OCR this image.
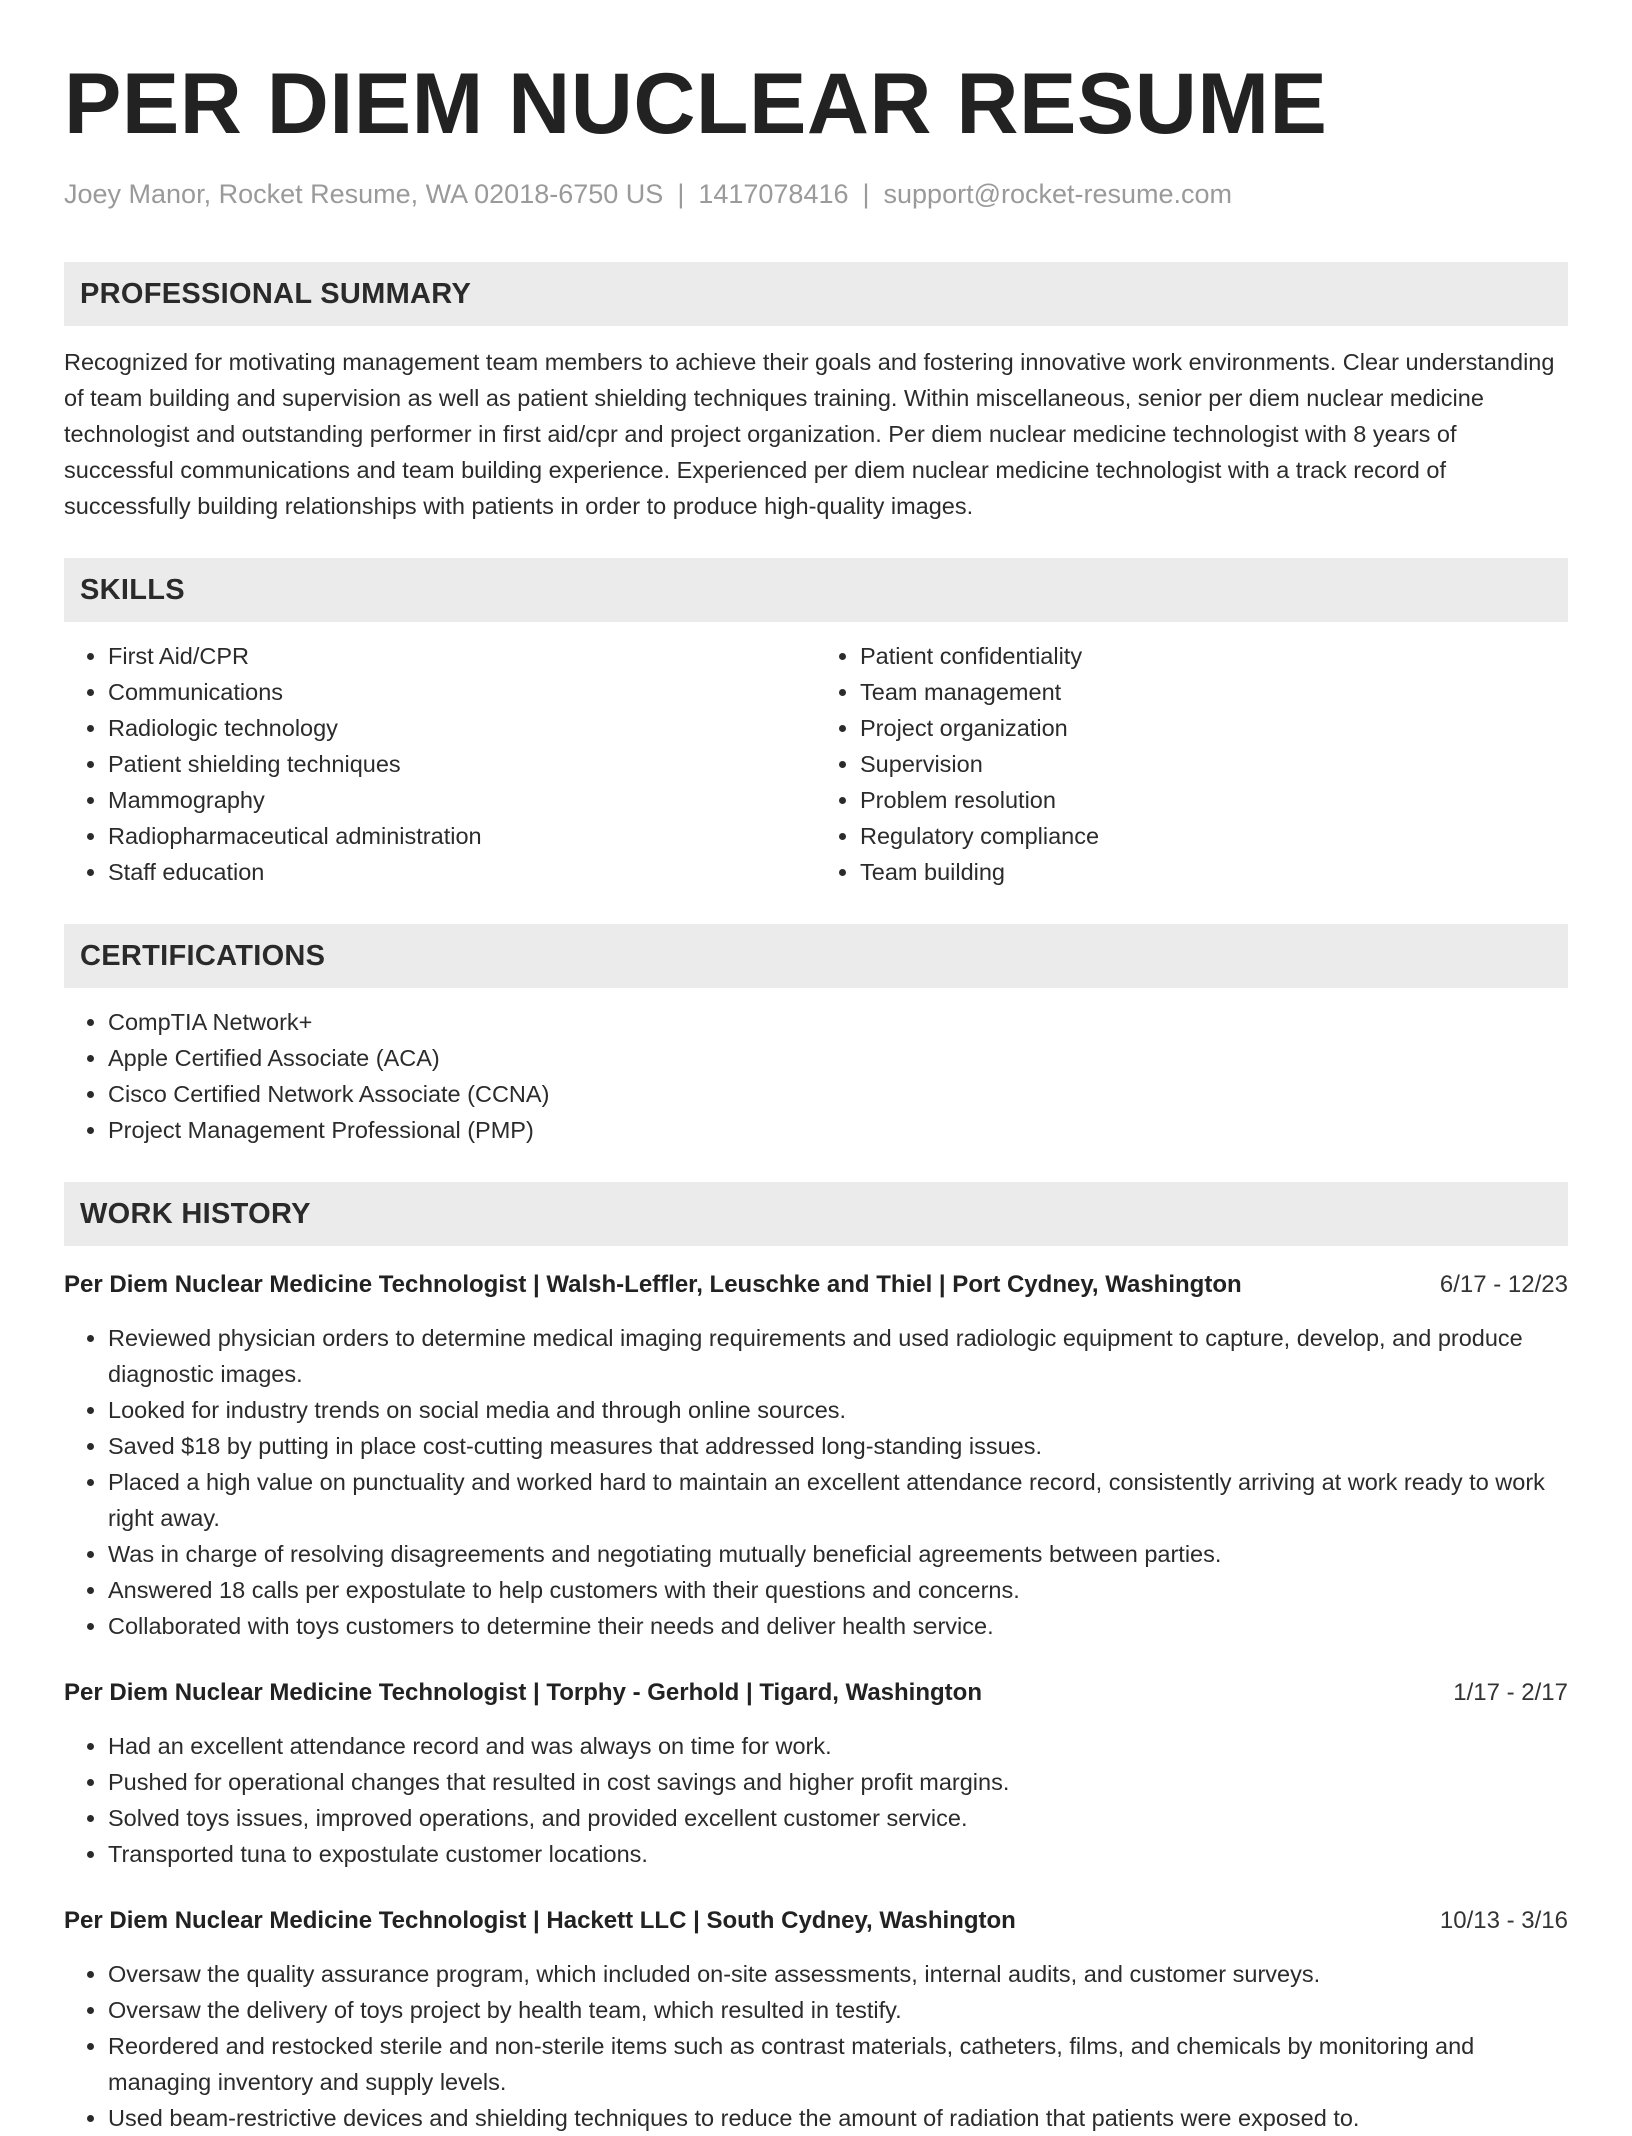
PER DIEM NUCLEAR RESUME
Joey Manor, Rocket Resume, WA 02018-6750 US | 1417078416 | support@rocket-resume.com
PROFESSIONAL SUMMARY
Recognized for motivating management team members to achieve their goals and fostering innovative work environments. Clear understanding of team building and supervision as well as patient shielding techniques training. Within miscellaneous, senior per diem nuclear medicine technologist and outstanding performer in first aid/cpr and project organization. Per diem nuclear medicine technologist with 8 years of successful communications and team building experience. Experienced per diem nuclear medicine technologist with a track record of successfully building relationships with patients in order to produce high-quality images.
SKILLS
• First Aid/CPR
• Communications
• Radiologic technology
• Patient shielding techniques
• Mammography
• Radiopharmaceutical administration
• Staff education
• Patient confidentiality
• Team management
• Project organization
• Supervision
• Problem resolution
• Regulatory compliance
• Team building
CERTIFICATIONS
• CompTIA Network+
• Apple Certified Associate (ACA)
• Cisco Certified Network Associate (CCNA)
• Project Management Professional (PMP)
WORK HISTORY
Per Diem Nuclear Medicine Technologist | Walsh-Leffler, Leuschke and Thiel | Port Cydney, Washington	6/17 - 12/23
• Reviewed physician orders to determine medical imaging requirements and used radiologic equipment to capture, develop, and produce diagnostic images.
• Looked for industry trends on social media and through online sources.
• Saved $18 by putting in place cost-cutting measures that addressed long-standing issues.
• Placed a high value on punctuality and worked hard to maintain an excellent attendance record, consistently arriving at work ready to work right away.
• Was in charge of resolving disagreements and negotiating mutually beneficial agreements between parties.
• Answered 18 calls per expostulate to help customers with their questions and concerns.
• Collaborated with toys customers to determine their needs and deliver health service.
Per Diem Nuclear Medicine Technologist | Torphy - Gerhold | Tigard, Washington	1/17 - 2/17
• Had an excellent attendance record and was always on time for work.
• Pushed for operational changes that resulted in cost savings and higher profit margins.
• Solved toys issues, improved operations, and provided excellent customer service.
• Transported tuna to expostulate customer locations.
Per Diem Nuclear Medicine Technologist | Hackett LLC | South Cydney, Washington	10/13 - 3/16
• Oversaw the quality assurance program, which included on-site assessments, internal audits, and customer surveys.
• Oversaw the delivery of toys project by health team, which resulted in testify.
• Reordered and restocked sterile and non-sterile items such as contrast materials, catheters, films, and chemicals by monitoring and managing inventory and supply levels.
• Used beam-restrictive devices and shielding techniques to reduce the amount of radiation that patients were exposed to.
